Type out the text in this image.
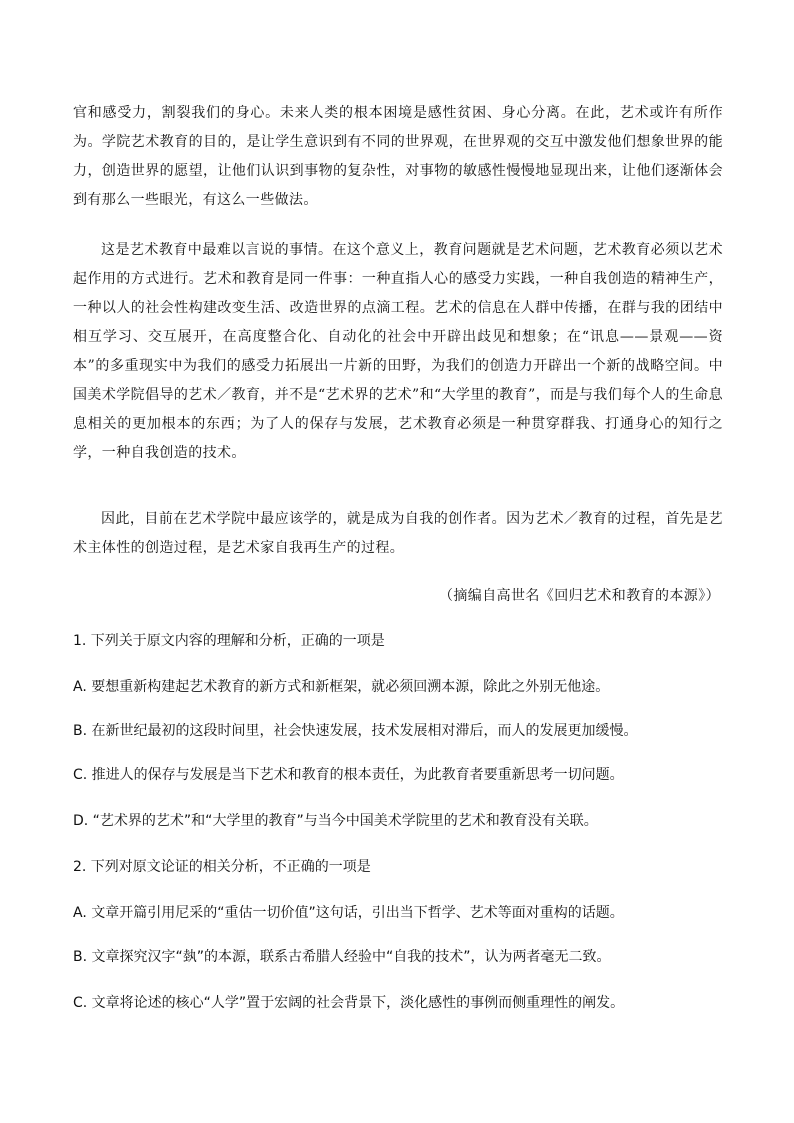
官和感受力，割裂我们的身心。未来人类的根本困境是感性贫困、身心分离。在此，艺术或许有所作为。学院艺术教育的目的，是让学生意识到有不同的世界观，在世界观的交互中激发他们想象世界的能力，创造世界的愿望，让他们认识到事物的复杂性，对事物的敏感性慢慢地显现出来，让他们逐渐体会到有那么一些眼光，有这么一些做法。
这是艺术教育中最难以言说的事情。在这个意义上，教育问题就是艺术问题，艺术教育必须以艺术起作用的方式进行。艺术和教育是同一件事：一种直指人心的感受力实践，一种自我创造的精神生产，一种以人的社会性构建改变生活、改造世界的点滴工程。艺术的信息在人群中传播，在群与我的团结中相互学习、交互展开，在高度整合化、自动化的社会中开辟出歧见和想象；在“讯息——景观——资本”的多重现实中为我们的感受力拓展出一片新的田野，为我们的创造力开辟出一个新的战略空间。中国美术学院倡导的艺术／教育，并不是“艺术界的艺术”和“大学里的教育”，而是与我们每个人的生命息息相关的更加根本的东西；为了人的保存与发展，艺术教育必须是一种贯穿群我、打通身心的知行之学，一种自我创造的技术。
因此，目前在艺术学院中最应该学的，就是成为自我的创作者。因为艺术／教育的过程，首先是艺术主体性的创造过程，是艺术家自我再生产的过程。
（摘编自高世名《回归艺术和教育的本源》）
1. 下列关于原文内容的理解和分析，正确的一项是
A. 要想重新构建起艺术教育的新方式和新框架，就必须回溯本源，除此之外别无他途。
B. 在新世纪最初的这段时间里，社会快速发展，技术发展相对滞后，而人的发展更加缓慢。
C. 推进人的保存与发展是当下艺术和教育的根本责任，为此教育者要重新思考一切问题。
D. “艺术界的艺术”和“大学里的教育”与当今中国美术学院里的艺术和教育没有关联。
2. 下列对原文论证的相关分析，不正确的一项是
A. 文章开篇引用尼采的“重估一切价值”这句话，引出当下哲学、艺术等面对重构的话题。
B. 文章探究汉字“埶”的本源，联系古希腊人经验中“自我的技术”，认为两者毫无二致。
C. 文章将论述的核心“人学”置于宏阔的社会背景下，淡化感性的事例而侧重理性的阐发。
